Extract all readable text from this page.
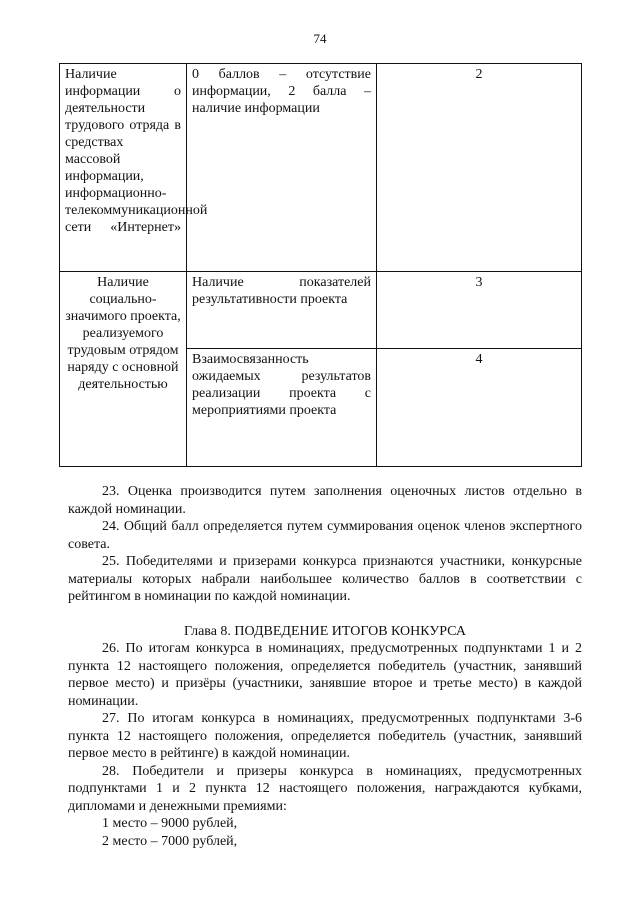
74
Наличие информации о деятельности трудового отряда в средствах массовой информации, информационно-телекоммуникационной сети «Интернет»	0 баллов – отсутствие информации, 2 балла – наличие информации	2
Наличие социально-значимого проекта, реализуемого трудовым отрядом наряду с основной деятельностью	Наличие показателей результативности проекта	3
	Взаимосвязанность ожидаемых результатов реализации проекта с мероприятиями проекта	4

23. Оценка производится путем заполнения оценочных листов отдельно в каждой номинации.

24. Общий балл определяется путем суммирования оценок членов экспертного совета.

25. Победителями и призерами конкурса признаются участники, конкурсные материалы которых набрали наибольшее количество баллов в соответствии с рейтингом в номинации по каждой номинации.

Глава 8. ПОДВЕДЕНИЕ ИТОГОВ КОНКУРСА

26. По итогам конкурса в номинациях, предусмотренных подпунктами 1 и 2 пункта 12 настоящего положения, определяется победитель (участник, занявший первое место) и призёры (участники, занявшие второе и третье место) в каждой номинации.

27. По итогам конкурса в номинациях, предусмотренных подпунктами 3-6 пункта 12 настоящего положения, определяется победитель (участник, занявший первое место в рейтинге) в каждой номинации.

28. Победители и призеры конкурса в номинациях, предусмотренных подпунктами 1 и 2 пункта 12 настоящего положения, награждаются кубками, дипломами и денежными премиями:

1 место – 9000 рублей,

2 место – 7000 рублей,
